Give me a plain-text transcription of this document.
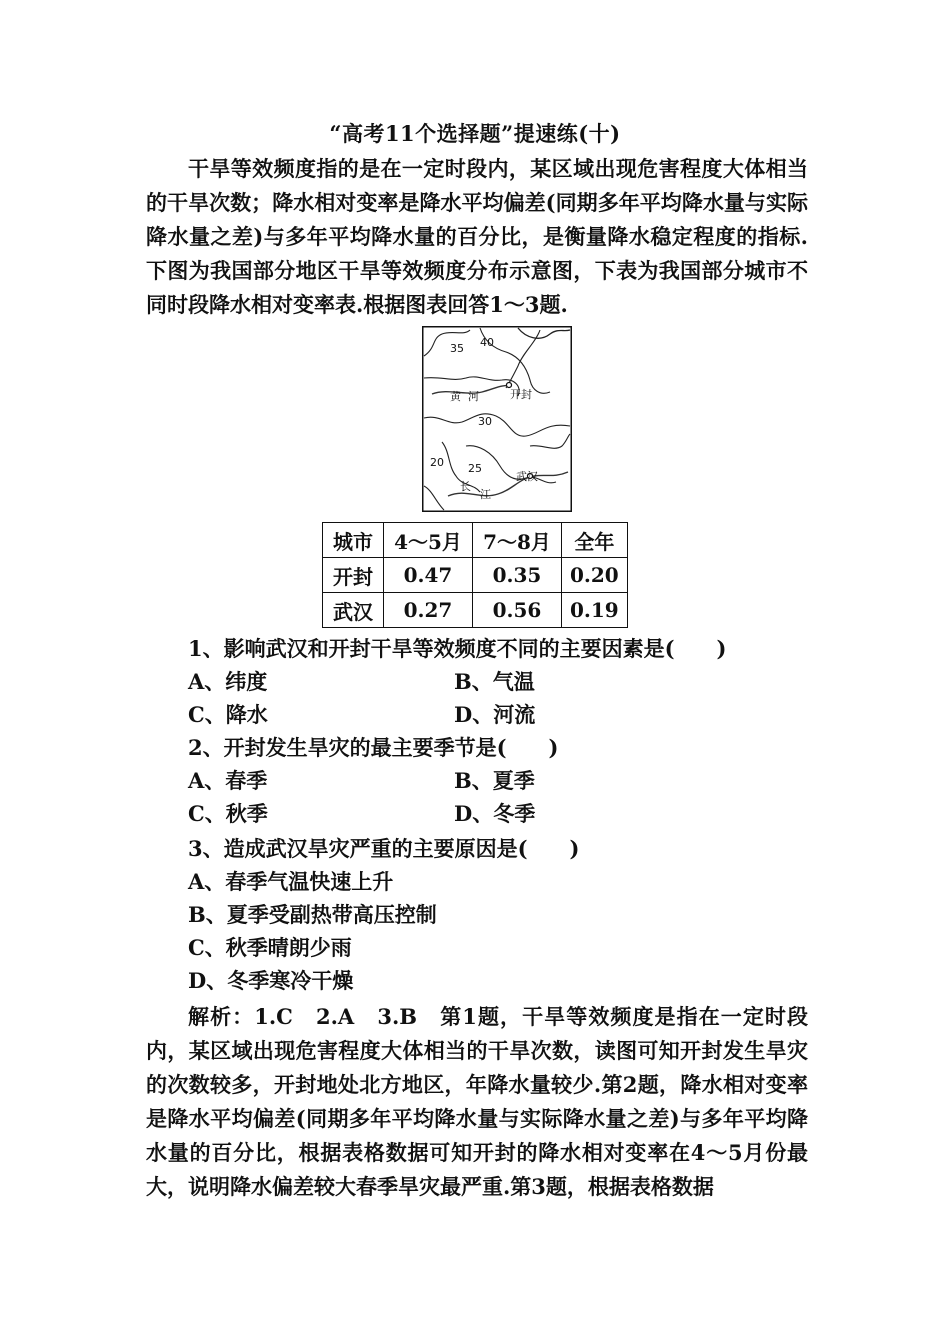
“高考11个选择题”提速练(十)
干旱等效频度指的是在一定时段内，某区域出现危害程度大体相当的干旱次数；降水相对变率是降水平均偏差(同期多年平均降水量与实际降水量之差)与多年平均降水量的百分比，是衡量降水稳定程度的指标.下图为我国部分地区干旱等效频度分布示意图，下表为我国部分城市不同时段降水相对变率表.根据图表回答1～3题.
35 40
30
25
20
黄 河	开封
长
江
武汉
城市	4～5月	7～8月	全年
开封	0.47	0.35	0.20
武汉	0.27	0.56	0.19
1、影响武汉和开封干旱等效频度不同的主要因素是(　　)
A、纬度	B、气温
C、降水	D、河流
2、开封发生旱灾的最主要季节是(　　)
A、春季	B、夏季
C、秋季	D、冬季
3、造成武汉旱灾严重的主要原因是(　　)
A、春季气温快速上升
B、夏季受副热带高压控制
C、秋季晴朗少雨
D、冬季寒冷干燥
解析：1.C　2.A　3.B　第1题，干旱等效频度是指在一定时段内，某区域出现危害程度大体相当的干旱次数，读图可知开封发生旱灾的次数较多，开封地处北方地区，年降水量较少.第2题，降水相对变率是降水平均偏差(同期多年平均降水量与实际降水量之差)与多年平均降水量的百分比，根据表格数据可知开封的降水相对变率在4～5月份最大，说明降水偏差较大春季旱灾最严重.第3题，根据表格数据
